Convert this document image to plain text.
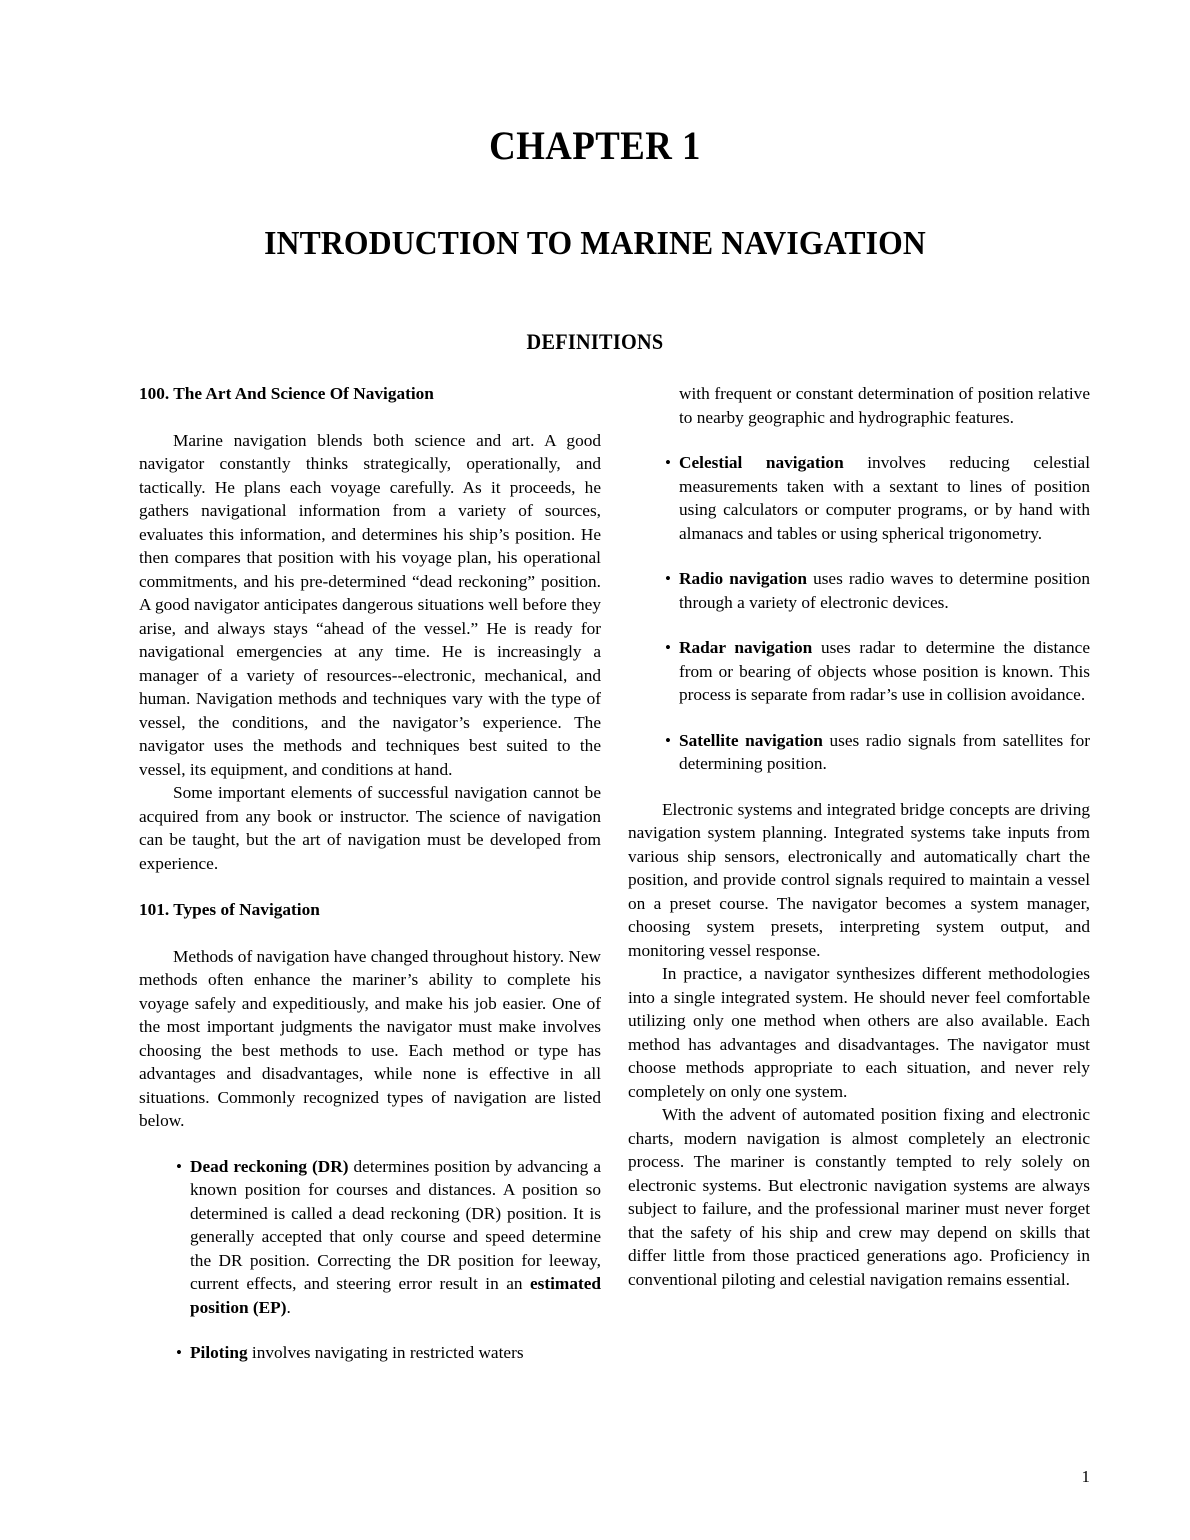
CHAPTER 1
INTRODUCTION TO MARINE NAVIGATION
DEFINITIONS

100. The Art And Science Of Navigation

Marine navigation blends both science and art. A good navigator constantly thinks strategically, operationally, and tactically. He plans each voyage carefully. As it proceeds, he gathers navigational information from a variety of sources, evaluates this information, and determines his ship’s position. He then compares that position with his voyage plan, his operational commitments, and his pre-determined “dead reckoning” position. A good navigator anticipates dangerous situations well before they arise, and always stays “ahead of the vessel.” He is ready for navigational emergencies at any time. He is increasingly a manager of a variety of resources--electronic, mechanical, and human. Navigation methods and techniques vary with the type of vessel, the conditions, and the navigator’s experience. The navigator uses the methods and techniques best suited to the vessel, its equipment, and conditions at hand.

Some important elements of successful navigation cannot be acquired from any book or instructor. The science of navigation can be taught, but the art of navigation must be developed from experience.

101. Types of Navigation

Methods of navigation have changed throughout history. New methods often enhance the mariner’s ability to complete his voyage safely and expeditiously, and make his job easier. One of the most important judgments the navigator must make involves choosing the best methods to use. Each method or type has advantages and disadvantages, while none is effective in all situations. Commonly recognized types of navigation are listed below.

• Dead reckoning (DR) determines position by advancing a known position for courses and distances. A position so determined is called a dead reckoning (DR) position. It is generally accepted that only course and speed determine the DR position. Correcting the DR position for leeway, current effects, and steering error result in an estimated position (EP).
• Piloting involves navigating in restricted waters
with frequent or constant determination of position relative to nearby geographic and hydrographic features.
• Celestial navigation involves reducing celestial measurements taken with a sextant to lines of position using calculators or computer programs, or by hand with almanacs and tables or using spherical trigonometry.
• Radio navigation uses radio waves to determine position through a variety of electronic devices.
• Radar navigation uses radar to determine the distance from or bearing of objects whose position is known. This process is separate from radar’s use in collision avoidance.
• Satellite navigation uses radio signals from satellites for determining position.

Electronic systems and integrated bridge concepts are driving navigation system planning. Integrated systems take inputs from various ship sensors, electronically and automatically chart the position, and provide control signals required to maintain a vessel on a preset course. The navigator becomes a system manager, choosing system presets, interpreting system output, and monitoring vessel response.

In practice, a navigator synthesizes different methodologies into a single integrated system. He should never feel comfortable utilizing only one method when others are also available. Each method has advantages and disadvantages. The navigator must choose methods appropriate to each situation, and never rely completely on only one system.

With the advent of automated position fixing and electronic charts, modern navigation is almost completely an electronic process. The mariner is constantly tempted to rely solely on electronic systems. But electronic navigation systems are always subject to failure, and the professional mariner must never forget that the safety of his ship and crew may depend on skills that differ little from those practiced generations ago. Proficiency in conventional piloting and celestial navigation remains essential.

1
